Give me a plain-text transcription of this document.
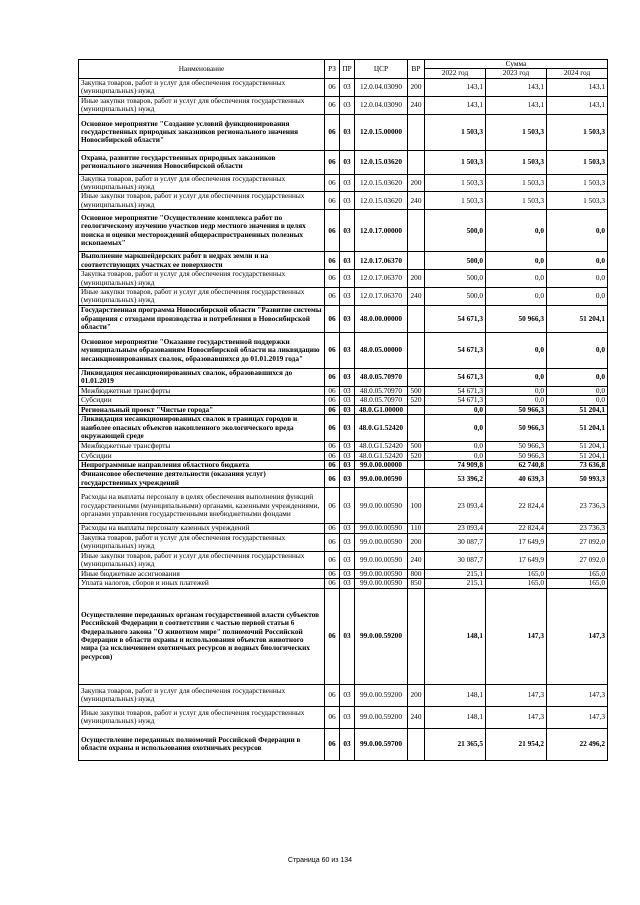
Наименование	РЗ	ПР	ЦСР	ВР	Сумма		
					2022 год	2023 год	2024 год
Закупка товаров, работ и услуг для обеспечения государственных (муниципальных) нужд	06	03	12.0.04.03090	200	143,1	143,1	143,1
Иные закупки товаров, работ и услуг для обеспечения государственных (муниципальных) нужд	06	03	12.0.04.03090	240	143,1	143,1	143,1
Основное мероприятие "Создание условий функционирования государственных природных заказников регионального значения Новосибирской области"	06	03	12.0.15.00000		1 503,3	1 503,3	1 503,3
Охрана, развитие государственных природных заказников регионального значения Новосибирской области	06	03	12.0.15.03620		1 503,3	1 503,3	1 503,3
Закупка товаров, работ и услуг для обеспечения государственных (муниципальных) нужд	06	03	12.0.15.03620	200	1 503,3	1 503,3	1 503,3
Иные закупки товаров, работ и услуг для обеспечения государственных (муниципальных) нужд	06	03	12.0.15.03620	240	1 503,3	1 503,3	1 503,3
Основное мероприятие "Осуществление комплекса работ по геологическому изучению участков недр местного значения в целях поиска и оценки месторождений общераспространенных полезных ископаемых"	06	03	12.0.17.00000		500,0	0,0	0,0
Выполнение маркшейдерских работ в недрах земли и на соответствующих участках ее поверхности	06	03	12.0.17.06370		500,0	0,0	0,0
Закупка товаров, работ и услуг для обеспечения государственных (муниципальных) нужд	06	03	12.0.17.06370	200	500,0	0,0	0,0
Иные закупки товаров, работ и услуг для обеспечения государственных (муниципальных) нужд	06	03	12.0.17.06370	240	500,0	0,0	0,0
Государственная программа Новосибирской области "Развитие системы обращения с отходами производства и потребления в Новосибирской области"	06	03	48.0.00.00000		54 671,3	50 966,3	51 204,1
Основное мероприятие "Оказание государственной поддержки муниципальным образованиям Новосибирской области на ликвидацию несанкционированных свалок, образовавшихся до 01.01.2019 года"	06	03	48.0.05.00000		54 671,3	0,0	0,0
Ликвидация несанкционированных свалок, образовавшихся до 01.01.2019	06	03	48.0.05.70970		54 671,3	0,0	0,0
Межбюджетные трансферты	06	03	48.0.05.70970	500	54 671,3	0,0	0,0
Субсидии	06	03	48.0.05.70970	520	54 671,3	0,0	0,0
Региональный проект "Чистые города"	06	03	48.0.G1.00000		0,0	50 966,3	51 204,1
Ликвидация несанкционированных свалок в границах городов и наиболее опасных объектов накопленного экологического вреда окружающей среде	06	03	48.0.G1.52420		0,0	50 966,3	51 204,1
Межбюджетные трансферты	06	03	48.0.G1.52420	500	0,0	50 966,3	51 204,1
Субсидии	06	03	48.0.G1.52420	520	0,0	50 966,3	51 204,1
Непрограммные направления областного бюджета	06	03	99.0.00.00000		74 909,8	62 740,8	73 636,8
Финансовое обеспечение деятельности (оказания услуг) государственных учреждений	06	03	99.0.00.00590		53 396,2	40 639,3	50 993,3
Расходы на выплаты персоналу в целях обеспечения выполнения функций государственными (муниципальными) органами, казенными учреждениями, органами управления государственными внебюджетными фондами	06	03	99.0.00.00590	100	23 093,4	22 824,4	23 736,3
Расходы на выплаты персоналу казенных учреждений	06	03	99.0.00.00590	110	23 093,4	22 824,4	23 736,3
Закупка товаров, работ и услуг для обеспечения государственных (муниципальных) нужд	06	03	99.0.00.00590	200	30 087,7	17 649,9	27 092,0
Иные закупки товаров, работ и услуг для обеспечения государственных (муниципальных) нужд	06	03	99.0.00.00590	240	30 087,7	17 649,9	27 092,0
Иные бюджетные ассигнования	06	03	99.0.00.00590	800	215,1	165,0	165,0
Уплата налогов, сборов и иных платежей	06	03	99.0.00.00590	850	215,1	165,0	165,0
Осуществление переданных органам государственной власти субъектов Российской Федерации в соответствии с частью первой статьи 6 Федерального закона "О животном мире" полномочий Российской Федерации в области охраны и использования объектов животного мира (за исключением охотничьих ресурсов и водных биологических ресурсов)	06	03	99.0.00.59200		148,1	147,3	147,3
Закупка товаров, работ и услуг для обеспечения государственных (муниципальных) нужд	06	03	99.0.00.59200	200	148,1	147,3	147,3
Иные закупки товаров, работ и услуг для обеспечения государственных (муниципальных) нужд	06	03	99.0.00.59200	240	148,1	147,3	147,3
Осуществление переданных полномочий Российской Федерации в области охраны и использования охотничьих ресурсов	06	03	99.0.00.59700		21 365,5	21 954,2	22 496,2
Страница 60 из 134
